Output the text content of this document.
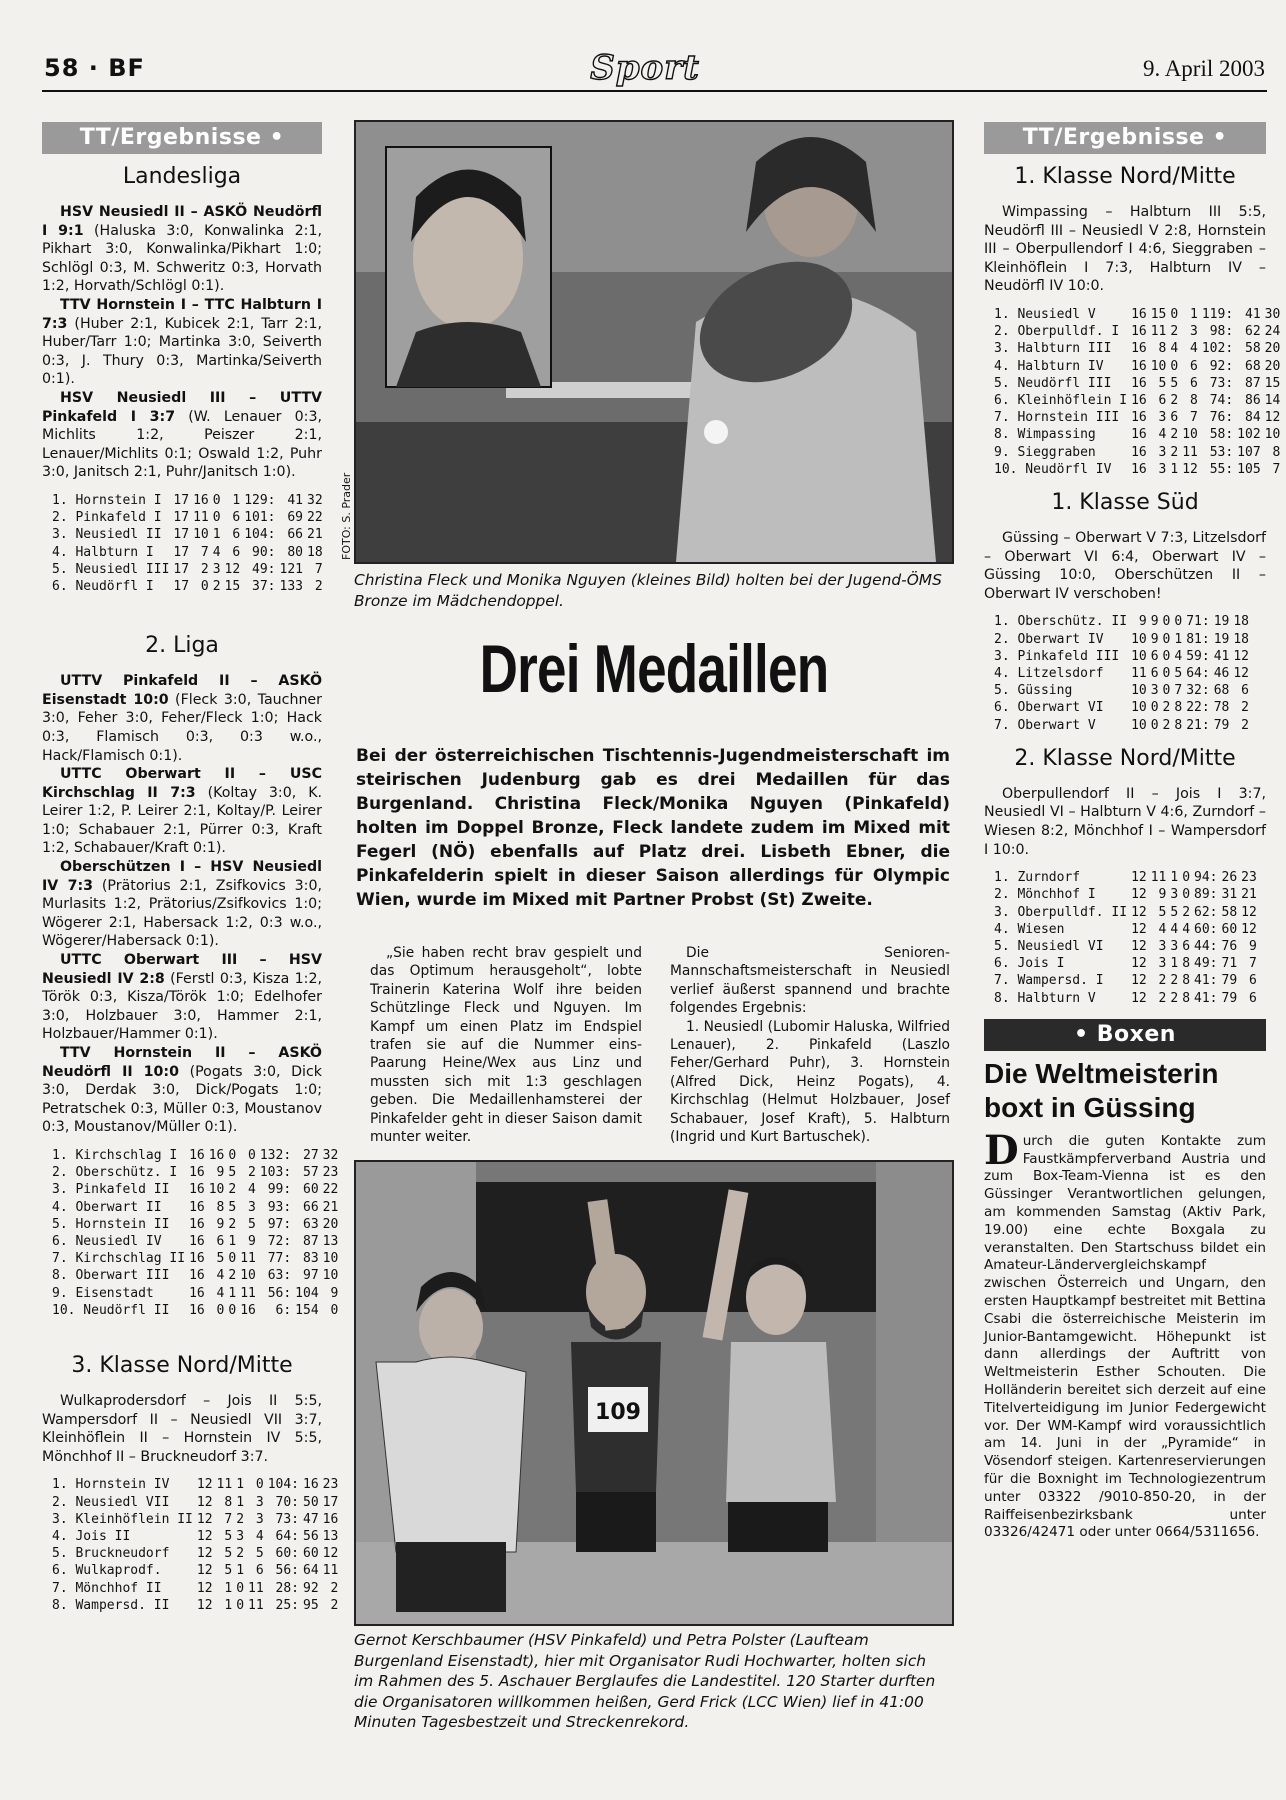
58 · BF	Sport	9. April 2003
TT/Ergebnisse •
Landesliga

HSV Neusiedl II – ASKÖ Neudörfl I 9:1 (Haluska 3:0, Konwalinka 2:1, Pikhart 3:0, Konwalinka/Pikhart 1:0; Schlögl 0:3, M. Schweritz 0:3, Horvath 1:2, Horvath/Schlögl 0:1).

TTV Hornstein I – TTC Halbturn I 7:3 (Huber 2:1, Kubicek 2:1, Tarr 2:1, Huber/Tarr 1:0; Martinka 3:0, Seiverth 0:3, J. Thury 0:3, Martinka/Seiverth 0:1).

HSV Neusiedl III – UTTV Pinkafeld I 3:7 (W. Lenauer 0:3, Michlits 1:2, Peiszer 2:1, Lenauer/Michlits 0:1; Oswald 1:2, Puhr 3:0, Janitsch 2:1, Puhr/Janitsch 1:0).

1. Hornstein I	17	16	0	1	129:	41	32
2. Pinkafeld I	17	11	0	6	101:	69	22
3. Neusiedl II	17	10	1	6	104:	66	21
4. Halbturn I	17	7	4	6	90:	80	18
5. Neusiedl III	17	2	3	12	49:	121	7
6. Neudörfl I	17	0	2	15	37:	133	2
2. Liga

UTTV Pinkafeld II – ASKÖ Eisenstadt 10:0 (Fleck 3:0, Tauchner 3:0, Feher 3:0, Feher/Fleck 1:0; Hack 0:3, Flamisch 0:3, 0:3 w.o., Hack/Flamisch 0:1).

UTTC Oberwart II – USC Kirchschlag II 7:3 (Koltay 3:0, K. Leirer 1:2, P. Leirer 2:1, Koltay/P. Leirer 1:0; Schabauer 2:1, Pürrer 0:3, Kraft 1:2, Schabauer/Kraft 0:1).

Oberschützen I – HSV Neusiedl IV 7:3 (Prätorius 2:1, Zsifkovics 3:0, Murlasits 1:2, Prätorius/Zsifkovics 1:0; Wögerer 2:1, Habersack 1:2, 0:3 w.o., Wögerer/Habersack 0:1).

UTTC Oberwart III – HSV Neusiedl IV 2:8 (Ferstl 0:3, Kisza 1:2, Török 0:3, Kisza/Török 1:0; Edelhofer 3:0, Holzbauer 3:0, Hammer 2:1, Holzbauer/Hammer 0:1).

TTV Hornstein II – ASKÖ Neudörfl II 10:0 (Pogats 3:0, Dick 3:0, Derdak 3:0, Dick/Pogats 1:0; Petratschek 0:3, Müller 0:3, Moustanov 0:3, Moustanov/Müller 0:1).

1. Kirchschlag I	16	16	0	0	132:	27	32
2. Oberschütz. I	16	9	5	2	103:	57	23
3. Pinkafeld II	16	10	2	4	99:	60	22
4. Oberwart II	16	8	5	3	93:	66	21
5. Hornstein II	16	9	2	5	97:	63	20
6. Neusiedl IV	16	6	1	9	72:	87	13
7. Kirchschlag II	16	5	0	11	77:	83	10
8. Oberwart III	16	4	2	10	63:	97	10
9. Eisenstadt	16	4	1	11	56:	104	9
10. Neudörfl II	16	0	0	16	6:	154	0
3. Klasse Nord/Mitte

Wulkaprodersdorf – Jois II 5:5, Wampersdorf II – Neusiedl VII 3:7, Kleinhöflein II – Hornstein IV 5:5, Mönchhof II – Bruckneudorf 3:7.

1. Hornstein IV	12	11	1	0	104:	16	23
2. Neusiedl VII	12	8	1	3	70:	50	17
3. Kleinhöflein II	12	7	2	3	73:	47	16
4. Jois II	12	5	3	4	64:	56	13
5. Bruckneudorf	12	5	2	5	60:	60	12
6. Wulkaprodf.	12	5	1	6	56:	64	11
7. Mönchhof II	12	1	0	11	28:	92	2
8. Wampersd. II	12	1	0	11	25:	95	2
FOTO: S. Prader
Christina Fleck und Monika Nguyen (kleines Bild) holten bei der Jugend-ÖMS Bronze im Mädchendoppel.
Drei Medaillen
Bei der österreichischen Tischtennis-Jugendmeisterschaft im steirischen Judenburg gab es drei Medaillen für das Burgenland. Christina Fleck/Monika Nguyen (Pinkafeld) holten im Doppel Bronze, Fleck landete zudem im Mixed mit Fegerl (NÖ) ebenfalls auf Platz drei. Lisbeth Ebner, die Pinkafelderin spielt in dieser Saison allerdings für Olympic Wien, wurde im Mixed mit Partner Probst (St) Zweite.

„Sie haben recht brav gespielt und das Optimum herausgeholt“, lobte Trainerin Katerina Wolf ihre beiden Schützlinge Fleck und Nguyen. Im Kampf um einen Platz im Endspiel trafen sie auf die Nummer eins-Paarung Heine/Wex aus Linz und mussten sich mit 1:3 geschlagen geben. Die Medaillenhamsterei der Pinkafelder geht in dieser Saison damit munter weiter.

Die Senioren-Mannschaftsmeisterschaft in Neusiedl verlief äußerst spannend und brachte folgendes Ergebnis:

1. Neusiedl (Lubomir Haluska, Wilfried Lenauer), 2. Pinkafeld (Laszlo Feher/Gerhard Puhr), 3. Hornstein (Alfred Dick, Heinz Pogats), 4. Kirchschlag (Helmut Holzbauer, Josef Schabauer, Josef Kraft), 5. Halbturn (Ingrid und Kurt Bartuschek).

109
Gernot Kerschbaumer (HSV Pinkafeld) und Petra Polster (Laufteam Burgenland Eisenstadt), hier mit Organisator Rudi Hochwarter, holten sich im Rahmen des 5. Aschauer Berglaufes die Landestitel. 120 Starter durften die Organisatoren willkommen heißen, Gerd Frick (LCC Wien) lief in 41:00 Minuten Tagesbestzeit und Streckenrekord.
TT/Ergebnisse •
1. Klasse Nord/Mitte

Wimpassing – Halbturn III 5:5, Neudörfl III – Neusiedl V 2:8, Hornstein III – Oberpullendorf I 4:6, Sieggraben – Kleinhöflein I 7:3, Halbturn IV – Neudörfl IV 10:0.

1. Neusiedl V	16	15	0	1	119:	41	30
2. Oberpulldf. I	16	11	2	3	98:	62	24
3. Halbturn III	16	8	4	4	102:	58	20
4. Halbturn IV	16	10	0	6	92:	68	20
5. Neudörfl III	16	5	5	6	73:	87	15
6. Kleinhöflein I	16	6	2	8	74:	86	14
7. Hornstein III	16	3	6	7	76:	84	12
8. Wimpassing	16	4	2	10	58:	102	10
9. Sieggraben	16	3	2	11	53:	107	8
10. Neudörfl IV	16	3	1	12	55:	105	7
1. Klasse Süd

Güssing – Oberwart V 7:3, Litzelsdorf – Oberwart VI 6:4, Oberwart IV – Güssing 10:0, Oberschützen II – Oberwart IV verschoben!

1. Oberschütz. II	9	9	0	0	71:	19	18
2. Oberwart IV	10	9	0	1	81:	19	18
3. Pinkafeld III	10	6	0	4	59:	41	12
4. Litzelsdorf	11	6	0	5	64:	46	12
5. Güssing	10	3	0	7	32:	68	6
6. Oberwart VI	10	0	2	8	22:	78	2
7. Oberwart V	10	0	2	8	21:	79	2
2. Klasse Nord/Mitte

Oberpullendorf II – Jois I 3:7, Neusiedl VI – Halbturn V 4:6, Zurndorf – Wiesen 8:2, Mönchhof I – Wampersdorf I 10:0.

1. Zurndorf	12	11	1	0	94:	26	23
2. Mönchhof I	12	9	3	0	89:	31	21
3. Oberpulldf. II	12	5	5	2	62:	58	12
4. Wiesen	12	4	4	4	60:	60	12
5. Neusiedl VI	12	3	3	6	44:	76	9
6. Jois I	12	3	1	8	49:	71	7
7. Wampersd. I	12	2	2	8	41:	79	6
8. Halbturn V	12	2	2	8	41:	79	6
• Boxen
Die Weltmeisterin boxt in Güssing
Durch die guten Kontakte zum Faustkämpferverband Austria und zum Box-Team-Vienna ist es den Güssinger Verantwortlichen gelungen, am kommenden Samstag (Aktiv Park, 19.00) eine echte Boxgala zu veranstalten. Den Startschuss bildet ein Amateur-Ländervergleichskampf zwischen Österreich und Ungarn, den ersten Hauptkampf bestreitet mit Bettina Csabi die österreichische Meisterin im Junior-Bantamgewicht. Höhepunkt ist dann allerdings der Auftritt von Weltmeisterin Esther Schouten. Die Holländerin bereitet sich derzeit auf eine Titelverteidigung im Junior Federgewicht vor. Der WM-Kampf wird voraussichtlich am 14. Juni in der „Pyramide“ in Vösendorf steigen. Kartenreservierungen für die Boxnight im Technologiezentrum unter 03322 /9010-850-20, in der Raiffeisenbezirksbank unter 03326/42471 oder unter 0664/5311656.
